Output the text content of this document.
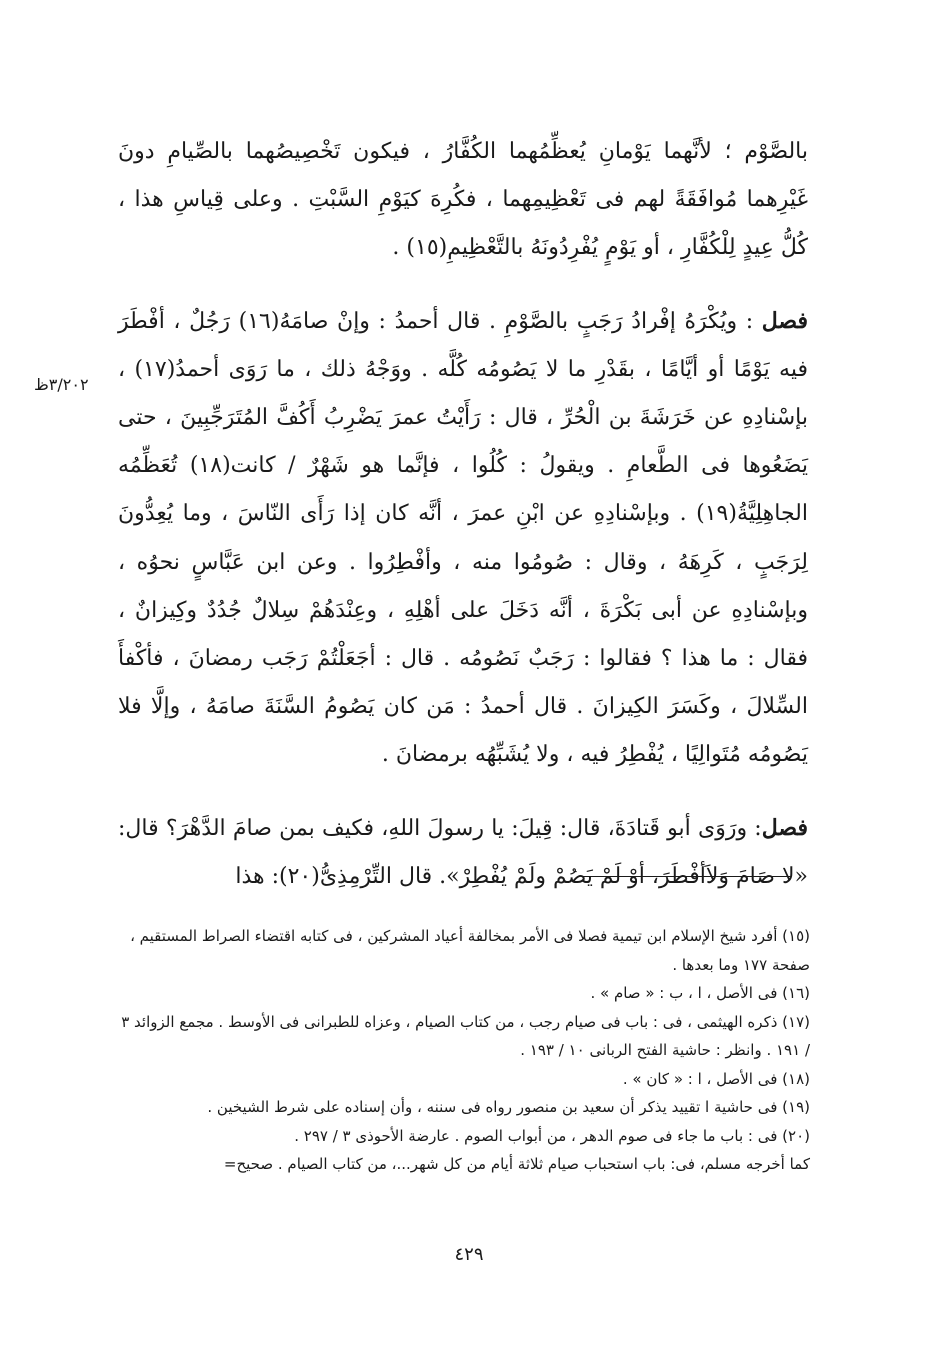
بالصَّوْم ؛ لأنَّهما يَوْمانِ يُعظِّمُهما الكُفَّارُ ، فيكون تَخْصِيصُهما بالصِّيامِ دونَ غَيْرِهما مُوافَقَةً لهم فى تَعْظِيمِهما ، فكُرِهَ كيَوْمِ السَّبْتِ . وعلى قِياسِ هذا ، كُلُّ عِيدٍ لِلْكُفَّارِ ، أو يَوْمٍ يُفْرِدُونَهُ بالتَّعْظِيمِ(١٥) .

فصل : ويُكْرَهُ إفْرادُ رَجَبٍ بالصَّوْمِ . قال أحمدُ : وإنْ صامَهُ(١٦) رَجُلٌ ، أفْطَرَ فيه يَوْمًا أو أيَّامًا ، بقَدْرِ ما لا يَصُومُه كُلَّه . ووَجْهُ ذلك ، ما رَوَى أحمدُ(١٧) ، بإسْنادِهِ عن خَرَشَةَ بن الْحُرِّ ، قال : رَأَيْتُ عمرَ يَضْرِبُ أَكُفَّ المُتَرَجِّبِينَ ، حتى يَضَعُوها فى الطَّعامِ . ويقولُ : كُلُوا ، فإنَّما هو شَهْرٌ / كانت(١٨) تُعَظِّمُه الجاهِلِيَّةُ(١٩) . وبإسْنادِهِ عن ابْنِ عمرَ ، أنَّه كان إذا رَأَى النّاسَ ، وما يُعِدُّونَ لِرَجَبٍ ، كَرِهَهُ ، وقال : صُومُوا منه ، وأفْطِرُوا . وعن ابن عَبَّاسٍ نحوُه ، وبإسْنادِهِ عن أبى بَكْرَةَ ، أنَّه دَخَلَ على أهْلِهِ ، وعِنْدَهُمْ سِلالٌ جُدُدٌ وكِيزانٌ ، فقال : ما هذا ؟ فقالوا : رَجَبٌ نَصُومُه . قال : أجَعَلْتُمْ رَجَب رمضانَ ، فأكْفأَ السِّلالَ ، وكَسَرَ الكِيزانَ . قال أحمدُ : مَن كان يَصُومُ السَّنَةَ صامَهُ ، وإلَّا فلا يَصُومُه مُتَوالِيًا ، يُفْطِرُ فيه ، ولا يُشَبِّهُه برمضانَ .

فصل: ورَوَى أبو قَتادَةَ، قال: قِيلَ: يا رسولَ اللهِ، فكيف بمن صامَ الدَّهْرَ؟ قال: «لا صَامَ وَلاَأفْطَرَ، أوْ لَمْ يَصُمْ ولَمْ يُفْطِرْ». قال التِّرْمِذِىُّ(٢٠): هذا

٣/٢٠٢ظ

(١٥) أفرد شيخ الإسلام ابن تيمية فصلا فى الأمر بمخالفة أعياد المشركين ، فى كتابه اقتضاء الصراط المستقيم ، صفحة ١٧٧ وما بعدها .

(١٦) فى الأصل ، ا ، ب : « صام » .

(١٧) ذكره الهيثمى ، فى : باب فى صيام رجب ، من كتاب الصيام ، وعزاه للطبرانى فى الأوسط . مجمع الزوائد ٣ / ١٩١ . وانظر : حاشية الفتح الربانى ١٠ / ١٩٣ .

(١٨) فى الأصل ، ا : « كان » .

(١٩) فى حاشية ا تقييد يذكر أن سعيد بن منصور رواه فى سننه ، وأن إسناده على شرط الشيخين .

(٢٠) فى : باب ما جاء فى صوم الدهر ، من أبواب الصوم . عارضة الأحوذى ٣ / ٢٩٧ .

كما أخرجه مسلم، فى: باب استحباب صيام ثلاثة أيام من كل شهر...، من كتاب الصيام . صحيح=

٤٢٩
